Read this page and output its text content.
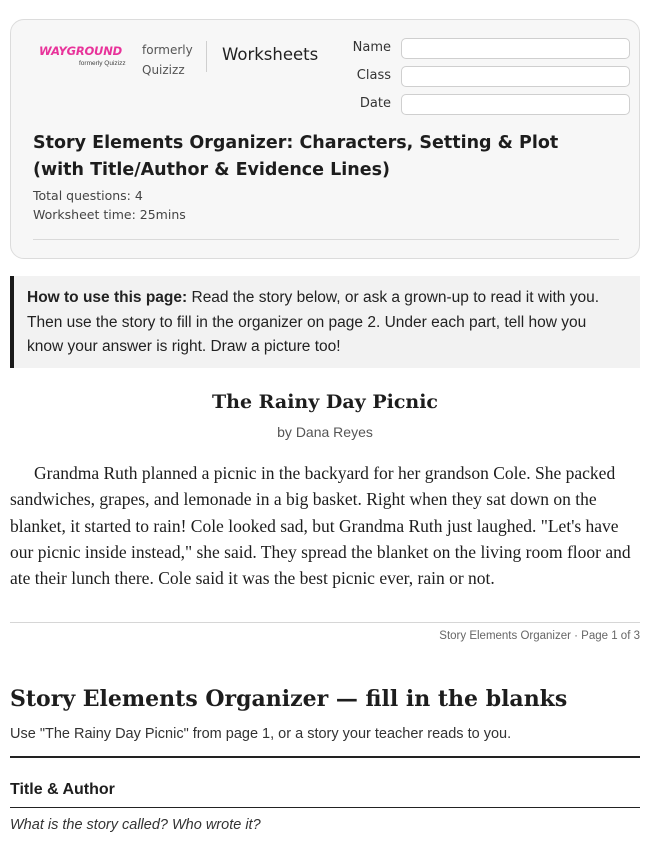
WAYGROUND
formerly Quizizz
formerly
Quizizz
Worksheets	Name
Class
Date
Story Elements Organizer: Characters, Setting & Plot (with Title/Author & Evidence Lines)
Total questions: 4
Worksheet time: 25mins
How to use this page: Read the story below, or ask a grown-up to read it with you. Then use the story to fill in the organizer on page 2. Under each part, tell how you know your answer is right. Draw a picture too!
The Rainy Day Picnic
by Dana Reyes
Grandma Ruth planned a picnic in the backyard for her grandson Cole. She packed sandwiches, grapes, and lemonade in a big basket. Right when they sat down on the blanket, it started to rain! Cole looked sad, but Grandma Ruth just laughed. "Let's have our picnic inside instead," she said. They spread the blanket on the living room floor and ate their lunch there. Cole said it was the best picnic ever, rain or not.
Story Elements Organizer · Page 1 of 3
Story Elements Organizer — fill in the blanks
Use "The Rainy Day Picnic" from page 1, or a story your teacher reads to you.
Title & Author
What is the story called? Who wrote it?
